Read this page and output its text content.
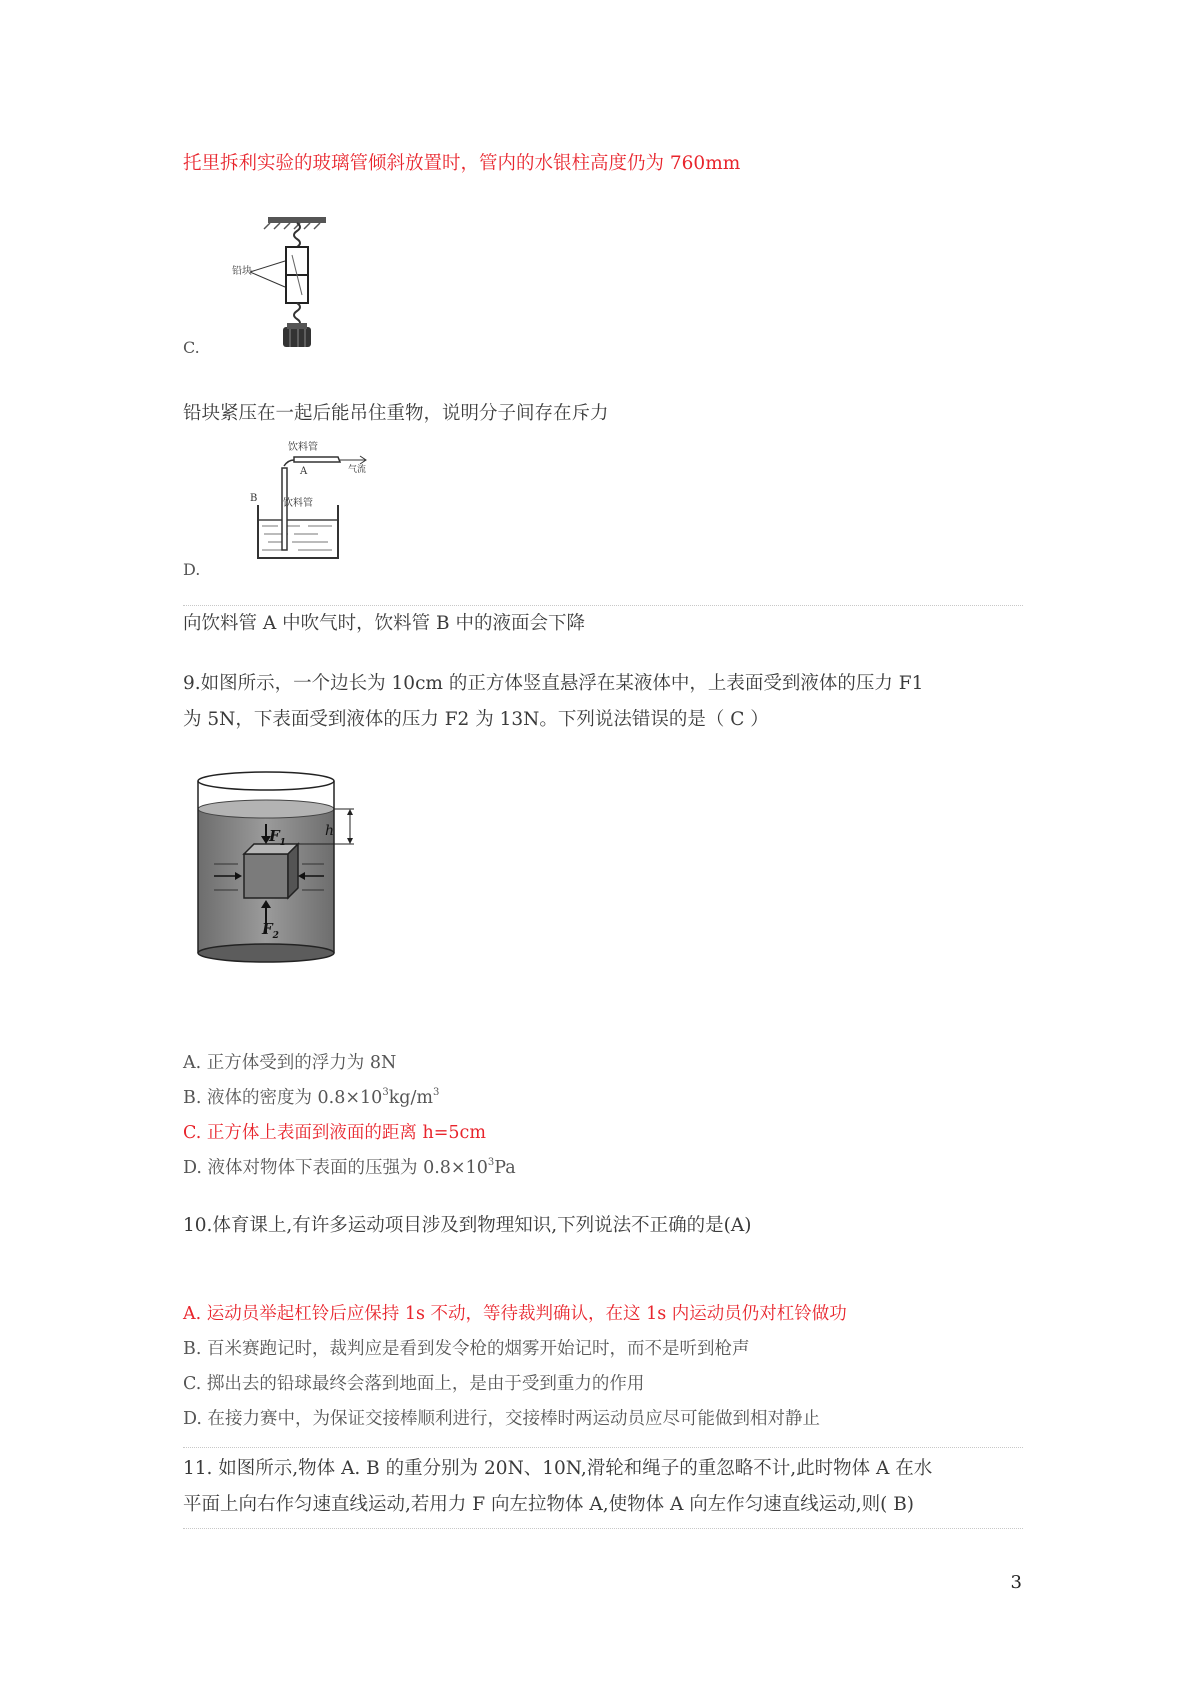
托里拆利实验的玻璃管倾斜放置时，管内的水银柱高度仍为 760mm
铅块
C.
铅块紧压在一起后能吊住重物，说明分子间存在斥力
饮料管
A	气流
B	饮料管
D.
向饮料管 A 中吹气时，饮料管 B 中的液面会下降
9.如图所示，一个边长为 10cm 的正方体竖直悬浮在某液体中，上表面受到液体的压力 F1
为 5N，下表面受到液体的压力 F2 为 13N。下列说法错误的是（ C ）
h
$F_1$
$F_2$
A. 正方体受到的浮力为 8N
B. 液体的密度为 $0.8\times 10^3kg/m^3$
C. 正方体上表面到液面的距离 h=5cm
D. 液体对物体下表面的压强为 $0.8\times 10^3Pa$
10.体育课上,有许多运动项目涉及到物理知识,下列说法不正确的是(A)
A. 运动员举起杠铃后应保持 1s 不动，等待裁判确认，在这 1s 内运动员仍对杠铃做功
B. 百米赛跑记时，裁判应是看到发令枪的烟雾开始记时，而不是听到枪声
C. 掷出去的铅球最终会落到地面上，是由于受到重力的作用
D. 在接力赛中，为保证交接棒顺利进行，交接棒时两运动员应尽可能做到相对静止
11. 如图所示,物体 A. B 的重分别为 20N、10N,滑轮和绳子的重忽略不计,此时物体 A 在水
平面上向右作匀速直线运动,若用力 F 向左拉物体 A,使物体 A 向左作匀速直线运动,则( B)
3
